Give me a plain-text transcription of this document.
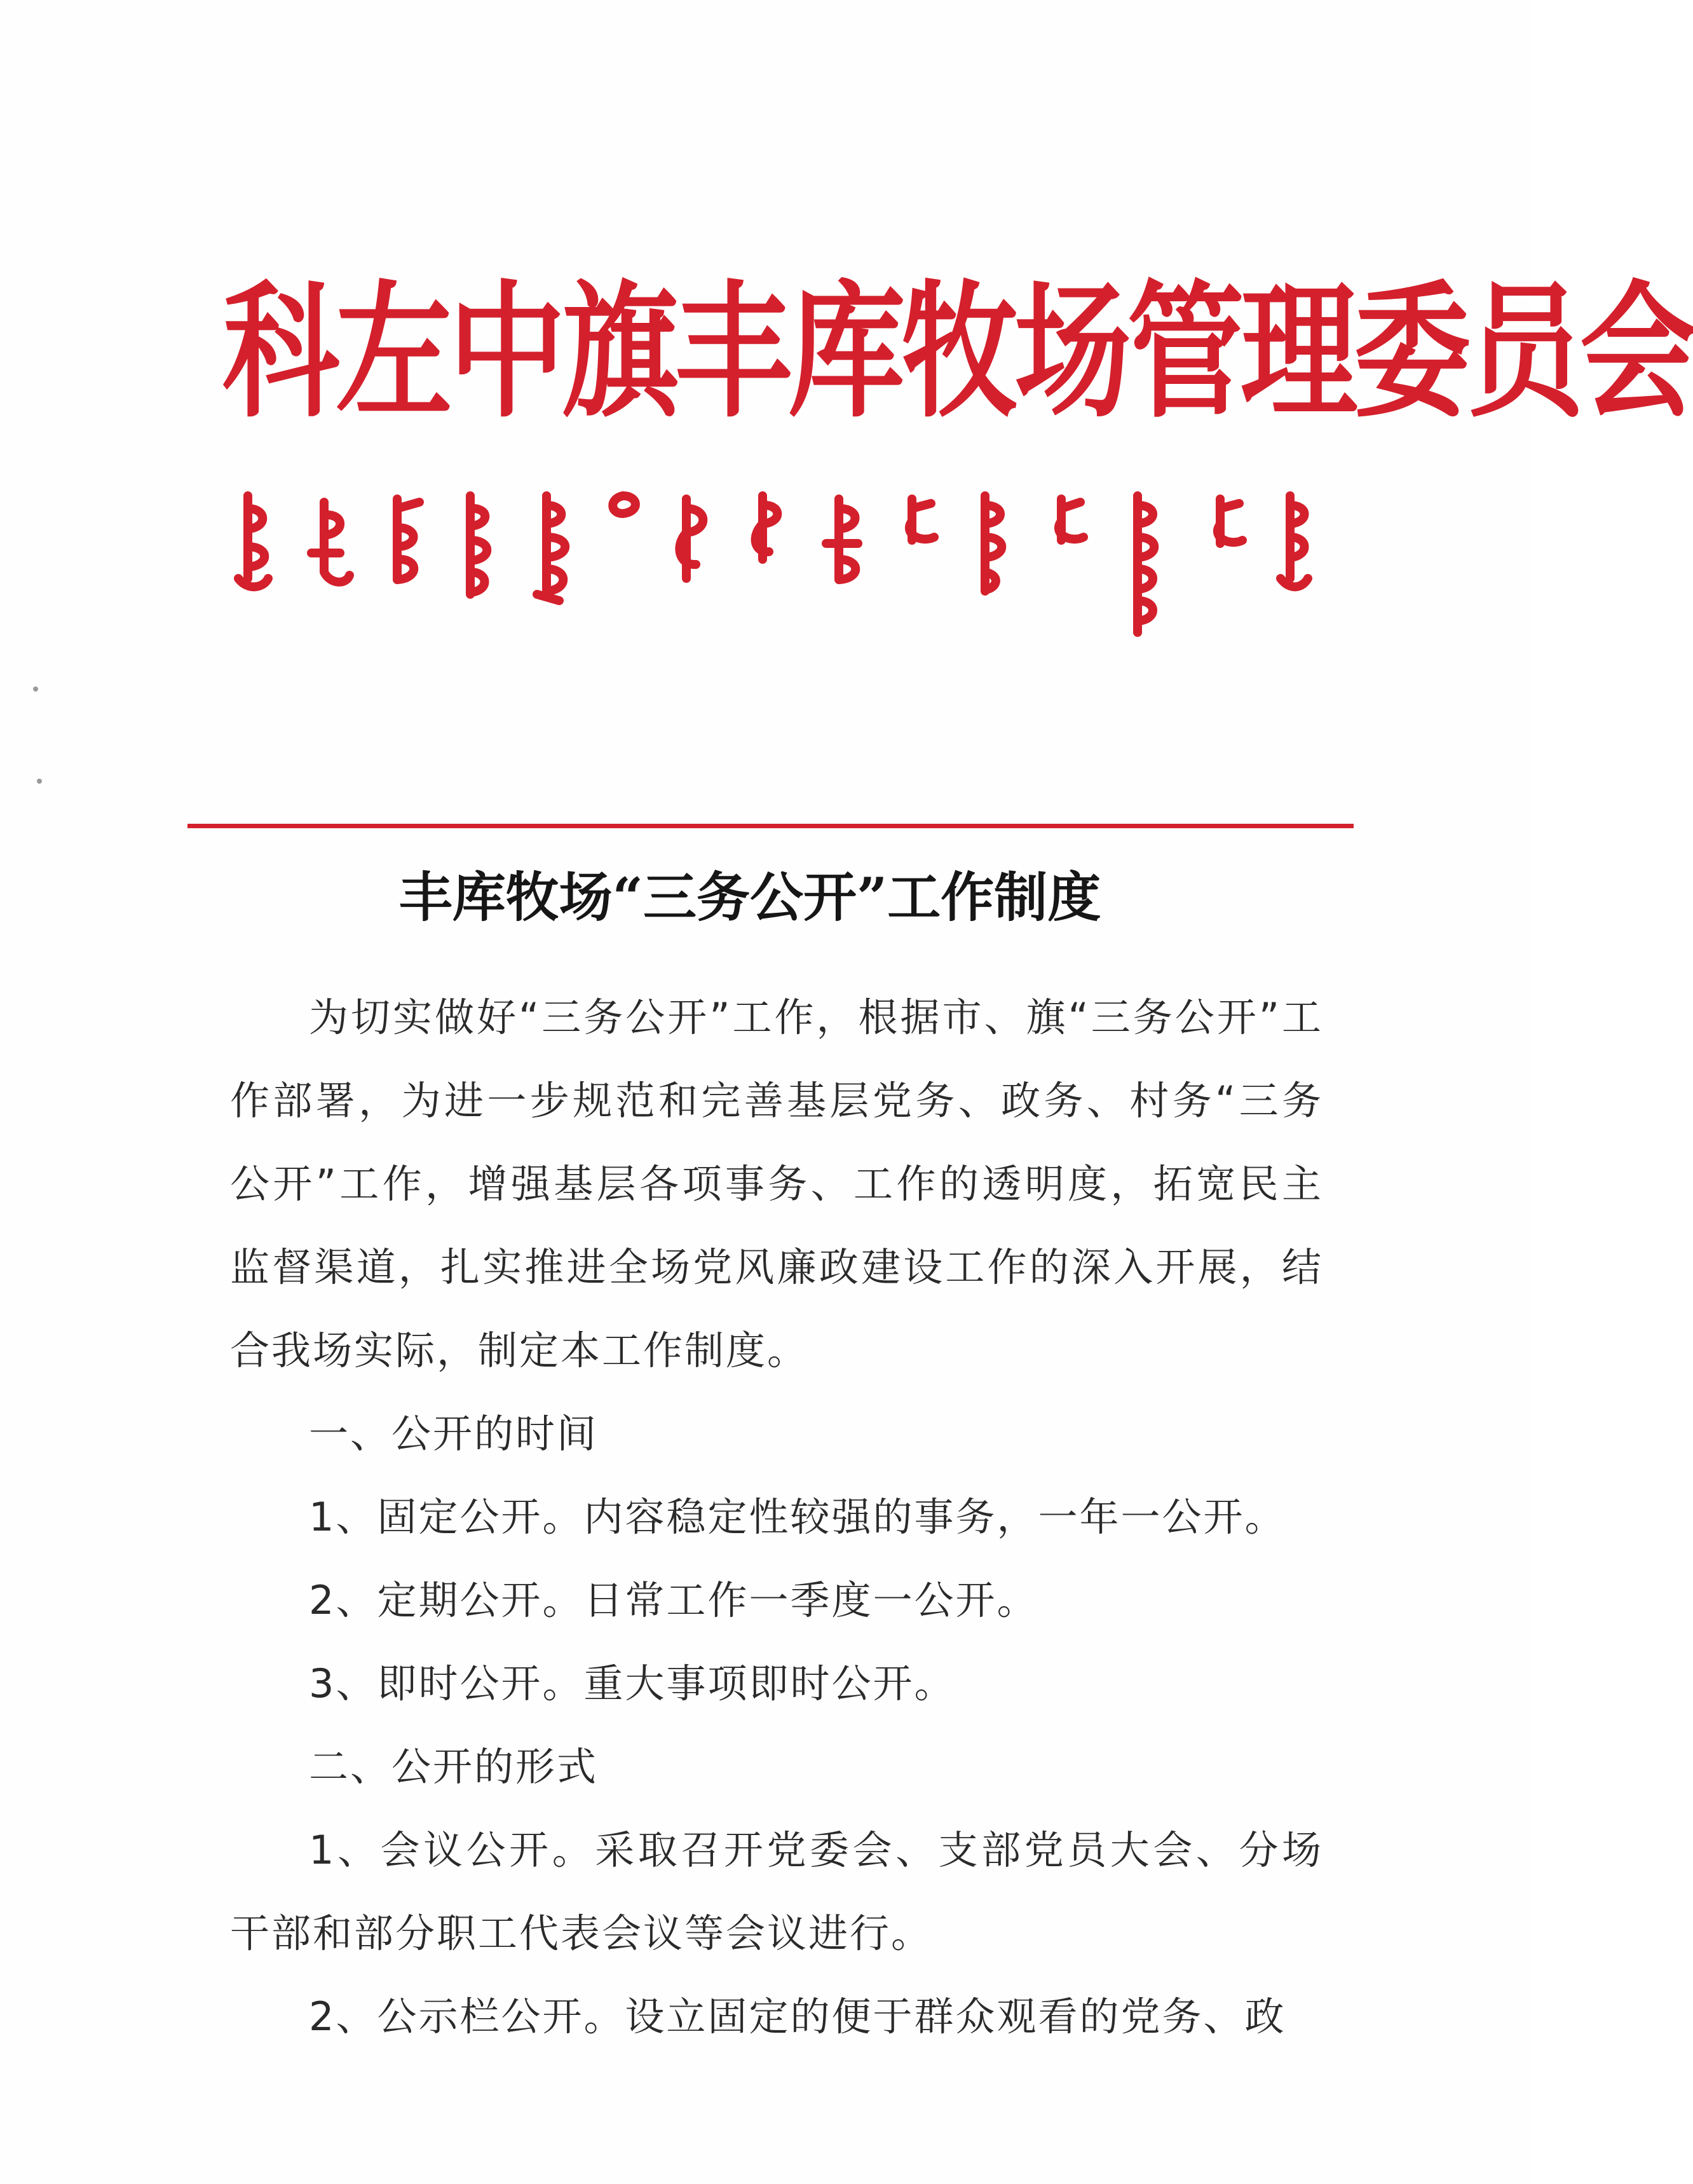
科左中旗丰库牧场管理委员会
丰库牧场“三务公开”工作制度

为切实做好“三务公开”工作，根据市、旗“三务公开”工作部署，为进一步规范和完善基层党务、政务、村务“三务公开”工作，增强基层各项事务、工作的透明度，拓宽民主监督渠道，扎实推进全场党风廉政建设工作的深入开展，结合我场实际，制定本工作制度。

一、公开的时间

1、固定公开。内容稳定性较强的事务，一年一公开。

2、定期公开。日常工作一季度一公开。

3、即时公开。重大事项即时公开。

二、公开的形式

1、会议公开。采取召开党委会、支部党员大会、分场干部和部分职工代表会议等会议进行。

2、公示栏公开。设立固定的便于群众观看的党务、政
